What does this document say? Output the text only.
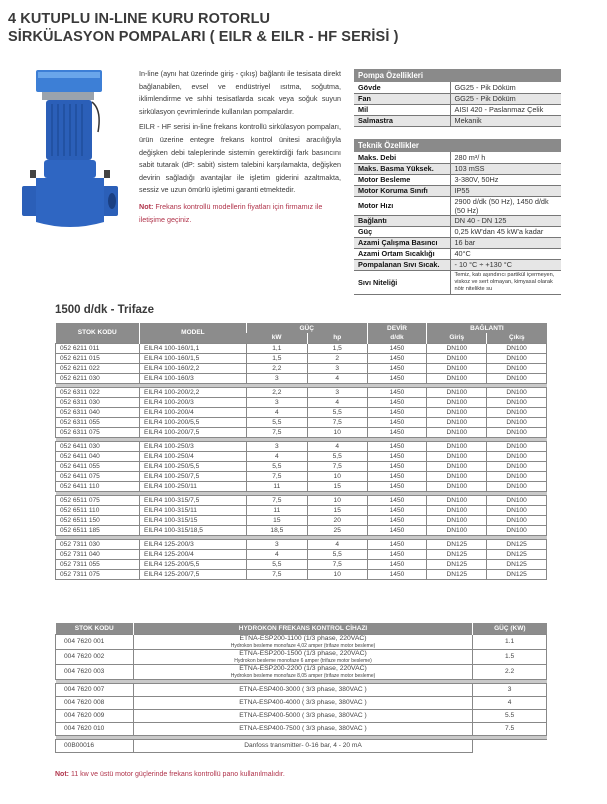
4 KUTUPLU IN-LINE KURU ROTORLU
SİRKÜLASYON POMPALARI ( EILR & EILR - HF SERİSİ )

In-line (aynı hat üzerinde giriş - çıkış) bağlantı ile tesisata direkt bağlanabilen, evsel ve endüstriyel ısıtma, soğutma, iklimlendirme ve sıhhi tesisatlarda sıcak veya soğuk suyun sirkülasyon çevrimlerinde kullanılan pompalardır.

EILR - HF serisi in-line frekans kontrollü sirkülasyon pompaları, ürün üzerine entegre frekans kontrol ünitesi aracılığıyla değişken debi taleplerinde sistemin gerektirdiği fark basıncını sabit tutarak (dP: sabit) sistem talebini karşılamakta, değişken devirin sağladığı avantajlar ile işletim giderini azaltmakta, sessiz ve uzun ömürlü işletimi garanti etmektedir.

Not: Frekans kontrollü modellerin fiyatları için firmamız ile iletişime geçiniz.

Pompa Özellikleri	
Gövde	GG25 - Pik Döküm
Fan	GG25 - Pik Döküm
Mil	AISI 420 - Paslanmaz Çelik
Salmastra	Mekanik
Teknik Özellikler	
Maks. Debi	280 m³/ h
Maks. Basma Yüksek.	103 mSS
Motor Besleme	3-380V, 50Hz
Motor Koruma Sınıfı	IP55
Motor Hızı	2900 d/dk (50 Hz), 1450 d/dk (50 Hz)
Bağlantı	DN 40 - DN 125
Güç	0,25 kW'dan 45 kW'a kadar
Azami Çalışma Basıncı	16 bar
Azami Ortam Sıcaklığı	40°C
Pompalanan Sıvı Sıcak.	- 10 °C ÷ +130 °C
Sıvı Niteliği	Temiz, katı aşındırıcı partikül içermeyen, viskoz ve sert olmayan, kimyasal olarak nötr nitelikte su
1500 d/dk - Trifaze
STOK KODU	MODEL	GÜÇ		DEVİR	BAĞLANTI	
		kW	hp	d/dk	Giriş	Çıkış
052 6211 011	EILR4 100-160/1,1	1,1	1,5	1450	DN100	DN100
052 6211 015	EILR4 100-160/1,5	1,5	2	1450	DN100	DN100
052 6211 022	EILR4 100-160/2,2	2,2	3	1450	DN100	DN100
052 6211 030	EILR4 100-160/3	3	4	1450	DN100	DN100

052 6311 022	EILR4 100-200/2,2	2,2	3	1450	DN100	DN100
052 6311 030	EILR4 100-200/3	3	4	1450	DN100	DN100
052 6311 040	EILR4 100-200/4	4	5,5	1450	DN100	DN100
052 6311 055	EILR4 100-200/5,5	5,5	7,5	1450	DN100	DN100
052 6311 075	EILR4 100-200/7,5	7,5	10	1450	DN100	DN100

052 6411 030	EILR4 100-250/3	3	4	1450	DN100	DN100
052 6411 040	EILR4 100-250/4	4	5,5	1450	DN100	DN100
052 6411 055	EILR4 100-250/5,5	5,5	7,5	1450	DN100	DN100
052 6411 075	EILR4 100-250/7,5	7,5	10	1450	DN100	DN100
052 6411 110	EILR4 100-250/11	11	15	1450	DN100	DN100

052 6511 075	EILR4 100-315/7,5	7,5	10	1450	DN100	DN100
052 6511 110	EILR4 100-315/11	11	15	1450	DN100	DN100
052 6511 150	EILR4 100-315/15	15	20	1450	DN100	DN100
052 6511 185	EILR4 100-315/18,5	18,5	25	1450	DN100	DN100

052 7311 030	EILR4 125-200/3	3	4	1450	DN125	DN125
052 7311 040	EILR4 125-200/4	4	5,5	1450	DN125	DN125
052 7311 055	EILR4 125-200/5,5	5,5	7,5	1450	DN125	DN125
052 7311 075	EILR4 125-200/7,5	7,5	10	1450	DN125	DN125
STOK KODU	HYDROKON FREKANS KONTROL CİHAZI	GÜÇ (KW)
004 7620 001	ETNA-ESP200-1100 (1/3 phase, 220VAC)
Hydrokon besleme monofaze 4,02 amper (trifaze motor besleme)	1.1
004 7620 002	ETNA-ESP200-1500 (1/3 phase, 220VAC)
Hydrokon besleme monofaze 6 amper (trifaze motor besleme)	1.5
004 7620 003	ETNA-ESP200-2200 (1/3 phase, 220VAC)
Hydrokon besleme monofaze 8,05 amper (trifaze motor besleme)	2.2

004 7620 007	ETNA-ESP400-3000 ( 3/3 phase, 380VAC )	3
004 7620 008	ETNA-ESP400-4000 ( 3/3 phase, 380VAC )	4
004 7620 009	ETNA-ESP400-5000 ( 3/3 phase, 380VAC )	5.5
004 7620 010	ETNA-ESP400-7500 ( 3/3 phase, 380VAC )	7.5

00B00016	Danfoss transmitter- 0-16 bar, 4 - 20 mA	
Not: 11 kw ve üstü motor güçlerinde frekans kontrollü pano kullanılmalıdır.
